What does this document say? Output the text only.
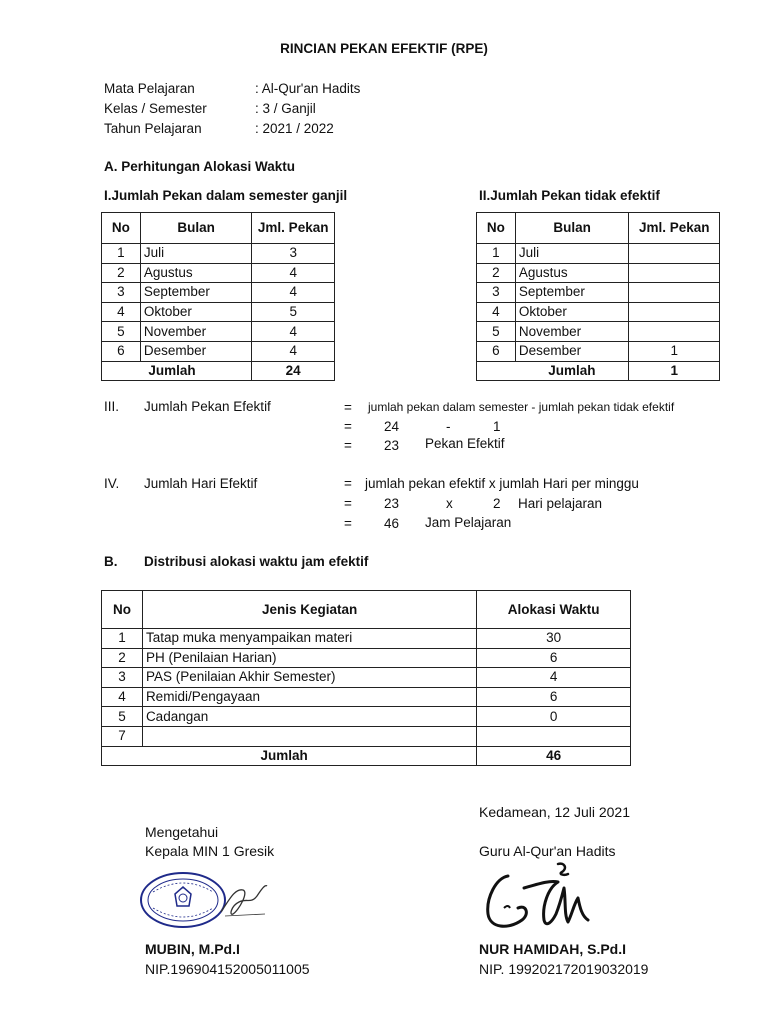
RINCIAN PEKAN EFEKTIF (RPE)
Mata Pelajaran	: Al-Qur'an Hadits
Kelas / Semester	: 3 / Ganjil
Tahun Pelajaran	: 2021 / 2022
A. Perhitungan Alokasi Waktu
I.Jumlah Pekan dalam semester ganjil	II.Jumlah Pekan tidak efektif
No	Bulan	Jml. Pekan
1	Juli	3
2	Agustus	4
3	September	4
4	Oktober	5
5	November	4
6	Desember	4
	Jumlah	24
No	Bulan	Jml. Pekan
1	Juli	
2	Agustus	
3	September	
4	Oktober	
5	November	
6	Desember	1
	Jumlah	1
III. Jumlah Pekan Efektif	= jumlah pekan dalam semester - jumlah pekan tidak efektif
= 24	-	1
= 23 Pekan Efektif
IV. Jumlah Hari Efektif	= jumlah pekan efektif x jumlah Hari per minggu
= 23	x	2 Hari pelajaran
= 46 Jam Pelajaran
B. Distribusi alokasi waktu jam efektif
No	Jenis Kegiatan	Alokasi Waktu
1	Tatap muka menyampaikan materi	30
2	PH (Penilaian Harian)	6
3	PAS (Penilaian Akhir Semester)	4
4	Remidi/Pengayaan	6
5	Cadangan	0
7		
	Jumlah	46
Kedamean, 12 Juli 2021
Mengetahui
Kepala MIN 1 Gresik	Guru Al-Qur'an Hadits
MUBIN, M.Pd.I
NIP.196904152005011005
NUR HAMIDAH, S.Pd.I
NIP. 199202172019032019
